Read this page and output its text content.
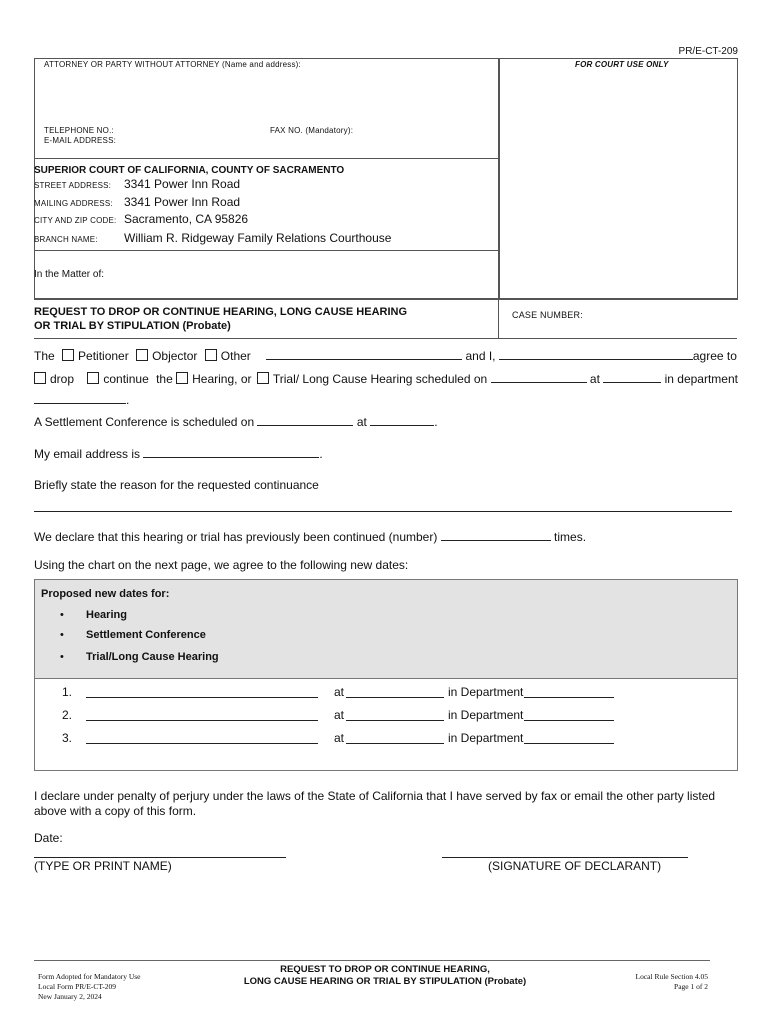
PR/E-CT-209
ATTORNEY OR PARTY WITHOUT ATTORNEY (Name and address):	FOR COURT USE ONLY
TELEPHONE NO.:	FAX NO. (Mandatory):
E-MAIL ADDRESS:
SUPERIOR COURT OF CALIFORNIA, COUNTY OF SACRAMENTO
STREET ADDRESS: 3341 Power Inn Road
MAILING ADDRESS: 3341 Power Inn Road
CITY AND ZIP CODE: Sacramento, CA 95826
BRANCH NAME: William R. Ridgeway Family Relations Courthouse
In the Matter of:
REQUEST TO DROP OR CONTINUE HEARING, LONG CAUSE HEARING
OR TRIAL BY STIPULATION (Probate)
CASE NUMBER:
The Petitioner Objector Other	and I,	agree to
drop continue the Hearing, or Trial/ Long Cause Hearing scheduled on	at	in department
.
A Settlement Conference is scheduled on	at	.
My email address is	.
Briefly state the reason for the requested continuance
We declare that this hearing or trial has previously been continued (number)	times.
Using the chart on the next page, we agree to the following new dates:
Proposed new dates for:
• Hearing
• Settlement Conference
• Trial/Long Cause Hearing
1.	at	in Department
2.	at	in Department
3.	at	in Department
I declare under penalty of perjury under the laws of the State of California that I have served by fax or email the other party listed
above with a copy of this form.
Date:
(TYPE OR PRINT NAME)	(SIGNATURE OF DECLARANT)
Form Adopted for Mandatory Use
Local Form PR/E-CT-209
New January 2, 2024
REQUEST TO DROP OR CONTINUE HEARING,
LONG CAUSE HEARING OR TRIAL BY STIPULATION (Probate)	Local Rule Section 4.05
Page 1 of 2
